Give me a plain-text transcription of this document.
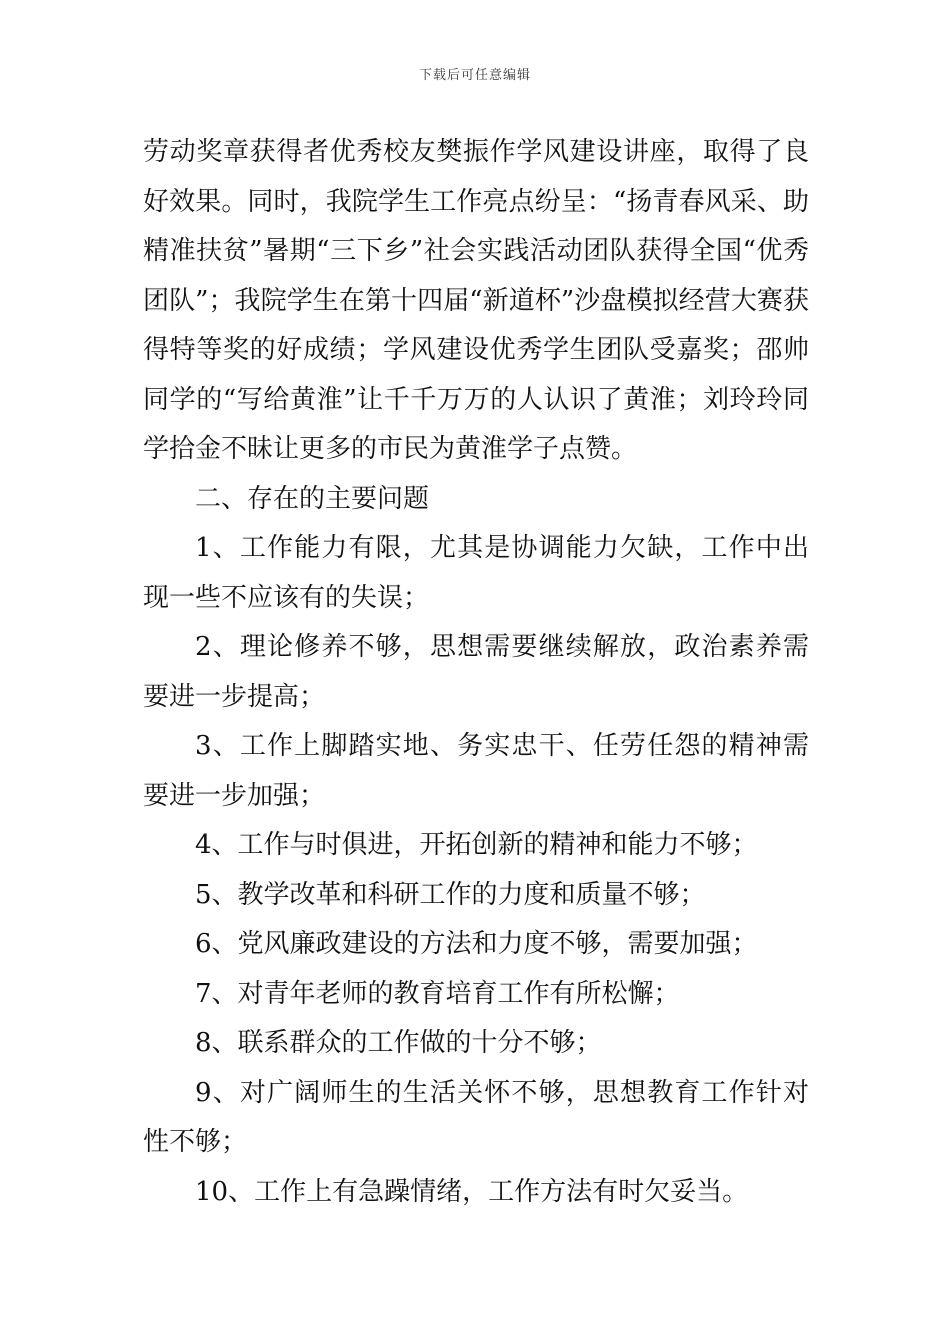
下载后可任意编辑

劳动奖章获得者优秀校友樊振作学风建设讲座，取得了良好效果。同时，我院学生工作亮点纷呈：“扬青春风采、助精准扶贫”暑期“三下乡”社会实践活动团队获得全国“优秀团队”；我院学生在第十四届“新道杯”沙盘模拟经营大赛获得特等奖的好成绩；学风建设优秀学生团队受嘉奖；邵帅同学的“写给黄淮”让千千万万的人认识了黄淮；刘玲玲同学拾金不昧让更多的市民为黄淮学子点赞。

二、存在的主要问题

1、工作能力有限，尤其是协调能力欠缺，工作中出现一些不应该有的失误；

2、理论修养不够，思想需要继续解放，政治素养需要进一步提高；

3、工作上脚踏实地、务实忠干、任劳任怨的精神需要进一步加强；

4、工作与时俱进，开拓创新的精神和能力不够；

5、教学改革和科研工作的力度和质量不够；

6、党风廉政建设的方法和力度不够，需要加强；

7、对青年老师的教育培育工作有所松懈；

8、联系群众的工作做的十分不够；

9、对广阔师生的生活关怀不够，思想教育工作针对性不够；

10、工作上有急躁情绪，工作方法有时欠妥当。
